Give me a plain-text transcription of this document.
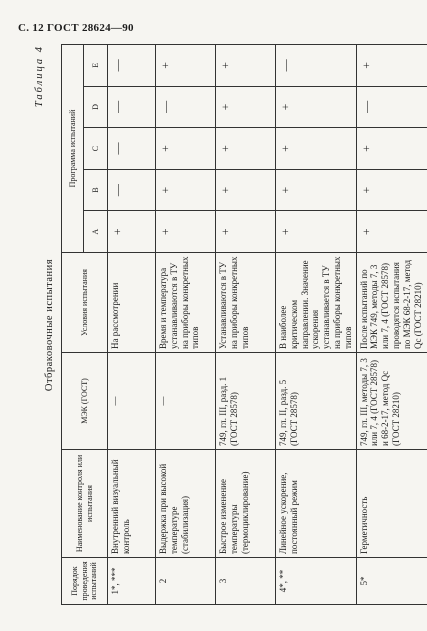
С. 12 ГОСТ 28624—90
Таблица 4
Отбраковочные испытания
Порядок проведения испытаний	Наименование контроля или испытания	МЭК (ГОСТ)	Условия испытания	Программа испытаний				
				A	B	C	D	E
1*, ***	Внутренний визуальный контроль	—	На рассмотрении	+	—	—	—	—
2	Выдержка при высокой температуре (стабилизация)	—	Время и температура устанавливаются в ТУ на приборы конкретных типов	+	+	+	—	+
3	Быстрое изменение температуры (термоциклирование)	749, гл. III, разд. 1 (ГОСТ 28578)	Устанавливаются в ТУ на приборы конкретных типов	+	+	+	+	+
4*, **	Линейное ускорение, постоянный режим	749, гл. II, разд. 5 (ГОСТ 28578)	В наиболее критическом направлении. Значение ускорения устанавливается в ТУ на приборы конкретных типов	+	+	+	+	—
5*	Герметичность	749, гл. III, методы 7, 3 или 7, 4 (ГОСТ 28578) и 68-2-17, метод Qc (ГОСТ 28210)	После испытаний по МЭК 749, методы 7, 3 или 7, 4 (ГОСТ 28578) проводятся испытания по МЭК 68-2-17, метод Qc (ГОСТ 28210)	+	+	+	—	+
